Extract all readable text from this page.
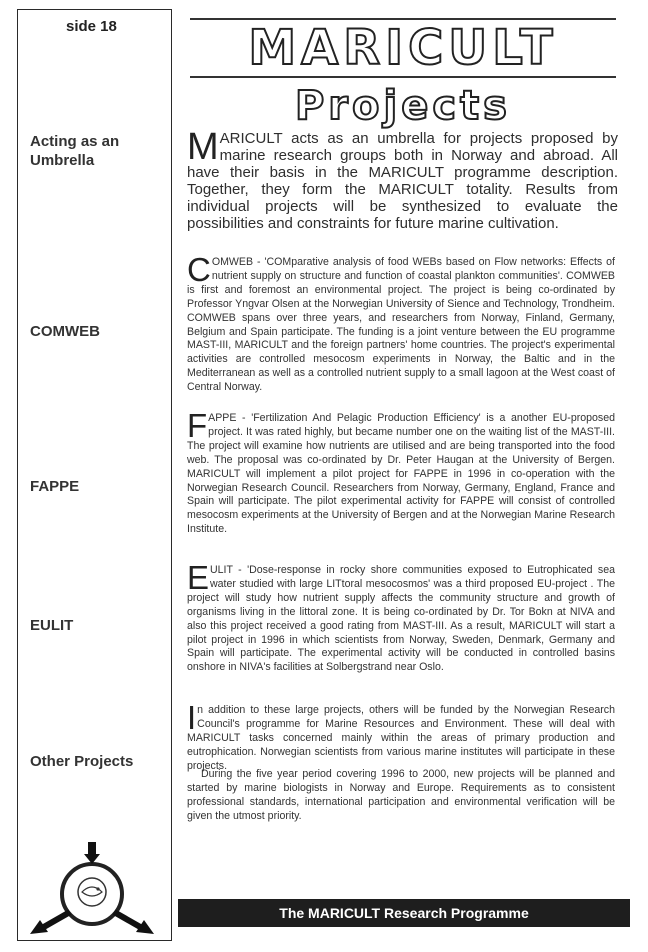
side 18
Acting as an Umbrella
COMWEB
FAPPE
EULIT
Other Projects
MARICULT
Projects

MARICULT acts as an umbrella for projects proposed by marine research groups both in Norway and abroad. All have their basis in the MARICULT programme description. Together, they form the MARICULT totality. Results from individual projects will be synthesized to evaluate the possibilities and constraints for future marine cultivation.

COMWEB - 'COMparative analysis of food WEBs based on Flow networks: Effects of nutrient supply on structure and function of coastal plankton communities'. COMWEB is first and foremost an environmental project. The project is being co-ordinated by Professor Yngvar Olsen at the Norwegian University of Sience and Technology, Trondheim. COMWEB spans over three years, and researchers from Norway, Finland, Germany, Belgium and Spain participate. The funding is a joint venture between the EU programme MAST-III, MARICULT and the foreign partners' home countries. The project's experimental activities are controlled mesocosm experiments in Norway, the Baltic and in the Mediterranean as well as a controlled nutrient supply to a small lagoon at the West coast of Central Norway.

FAPPE - 'Fertilization And Pelagic Production Efficiency' is a another EU-proposed project. It was rated highly, but became number one on the waiting list of the MAST-III. The project will examine how nutrients are utilised and are being transported into the food web. The proposal was co-ordinated by Dr. Peter Haugan at the University of Bergen. MARICULT will implement a pilot project for FAPPE in 1996 in co-operation with the Norwegian Research Council. Researchers from Norway, Germany, England, France and Spain will participate. The pilot experimental activity for FAPPE will consist of controlled mesocosm experiments at the University of Bergen and at the Norwegian Marine Research Institute.

EULIT - 'Dose-response in rocky shore communities exposed to Eutrophicated sea water studied with large LITtoral mesocosmos' was a third proposed EU-project . The project will study how nutrient supply affects the community structure and growth of organisms living in the littoral zone. It is being co-ordinated by Dr. Tor Bokn at NIVA and also this project received a good rating from MAST-III. As a result, MARICULT will start a pilot project in 1996 in which scientists from Norway, Sweden, Denmark, Germany and Spain will participate. The experimental activity will be conducted in controlled basins onshore in NIVA's facilities at Solbergstrand near Oslo.

In addition to these large projects, others will be funded by the Norwegian Research Council's programme for Marine Resources and Environment. These will deal with MARICULT tasks concerned mainly within the areas of primary production and eutrophication. Norwegian scientists from various marine institutes will participate in these projects.

During the five year period covering 1996 to 2000, new projects will be planned and started by marine biologists in Norway and Europe. Requirements as to consistent professional standards, international participation and environmental verification will be given the utmost priority.

The MARICULT Research Programme
